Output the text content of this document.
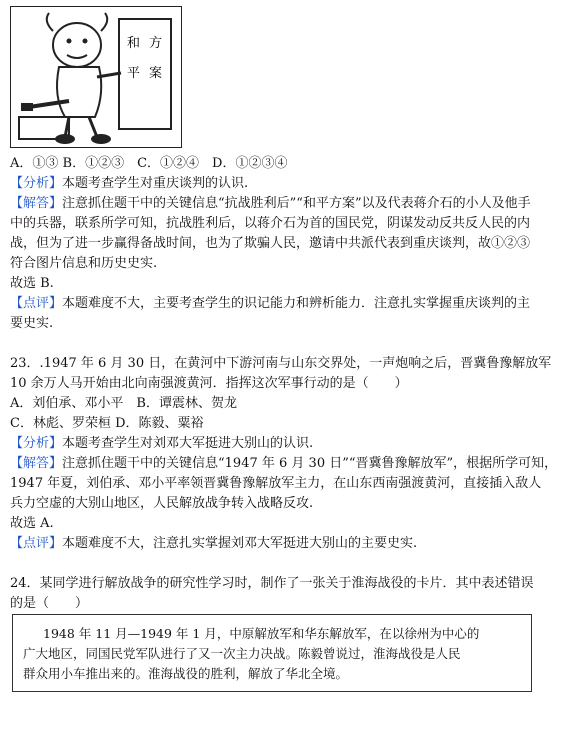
和 方
平 案
A．①③ B．①②③　C．①②④　D．①②③④
【分析】本题考查学生对重庆谈判的认识.
【解答】注意抓住题干中的关键信息“抗战胜利后”“和平方案”以及代表蒋介石的小人及他手
中的兵器，联系所学可知，抗战胜利后，以蒋介石为首的国民党，阴谋发动反共反人民的内
战，但为了进一步赢得备战时间，也为了欺骗人民，邀请中共派代表到重庆谈判，故①②③
符合图片信息和历史史实.
故选 B.
【点评】本题难度不大，主要考查学生的识记能力和辨析能力．注意扎实掌握重庆谈判的主
要史实.
23．.1947 年 6 月 30 日，在黄河中下游河南与山东交界处，一声炮响之后，晋冀鲁豫解放军
10 余万人马开始由北向南强渡黄河．指挥这次军事行动的是（　　）
A．刘伯承、邓小平　B．谭震林、贺龙
C．林彪、罗荣桓 D．陈毅、粟裕
【分析】本题考查学生对刘邓大军挺进大别山的认识.
【解答】注意抓住题干中的关键信息“1947 年 6 月 30 日”“晋冀鲁豫解放军”，根据所学可知，
1947 年夏，刘伯承、邓小平率领晋冀鲁豫解放军主力，在山东西南强渡黄河，直接插入敌人
兵力空虚的大别山地区，人民解放战争转入战略反攻.
故选 A.
【点评】本题难度不大，注意扎实掌握刘邓大军挺进大别山的主要史实.
24．某同学进行解放战争的研究性学习时，制作了一张关于淮海战役的卡片．其中表述错误
的是（　　）
1948 年 11 月—1949 年 1 月，中原解放军和华东解放军，在以徐州为中心的
广大地区，同国民党军队进行了又一次主力决战。陈毅曾说过，淮海战役是人民
群众用小车推出来的。淮海战役的胜利，解放了华北全境。
